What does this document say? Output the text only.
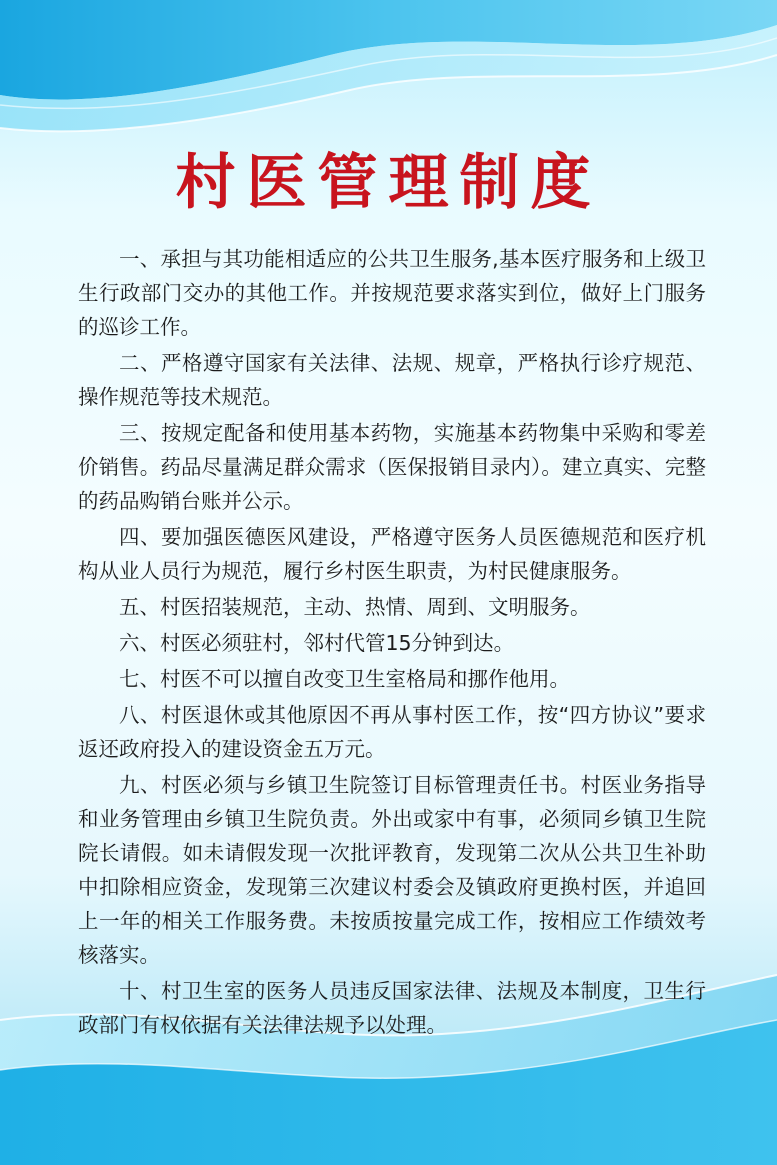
村医管理制度
一、承担与其功能相适应的公共卫生服务,基本医疗服务和上级卫生行政部门交办的其他工作。并按规范要求落实到位，做好上门服务的巡诊工作。
二、严格遵守国家有关法律、法规、规章，严格执行诊疗规范、操作规范等技术规范。
三、按规定配备和使用基本药物，实施基本药物集中采购和零差价销售。药品尽量满足群众需求（医保报销目录内）。建立真实、完整的药品购销台账并公示。
四、要加强医德医风建设，严格遵守医务人员医德规范和医疗机构从业人员行为规范，履行乡村医生职责，为村民健康服务。
五、村医招装规范，主动、热情、周到、文明服务。
六、村医必须驻村，邻村代管15分钟到达。
七、村医不可以擅自改变卫生室格局和挪作他用。
八、村医退休或其他原因不再从事村医工作，按“四方协议”要求返还政府投入的建设资金五万元。
九、村医必须与乡镇卫生院签订目标管理责任书。村医业务指导和业务管理由乡镇卫生院负责。外出或家中有事，必须同乡镇卫生院院长请假。如未请假发现一次批评教育，发现第二次从公共卫生补助中扣除相应资金，发现第三次建议村委会及镇政府更换村医，并追回上一年的相关工作服务费。未按质按量完成工作，按相应工作绩效考核落实。
十、村卫生室的医务人员违反国家法律、法规及本制度，卫生行政部门有权依据有关法律法规予以处理。
